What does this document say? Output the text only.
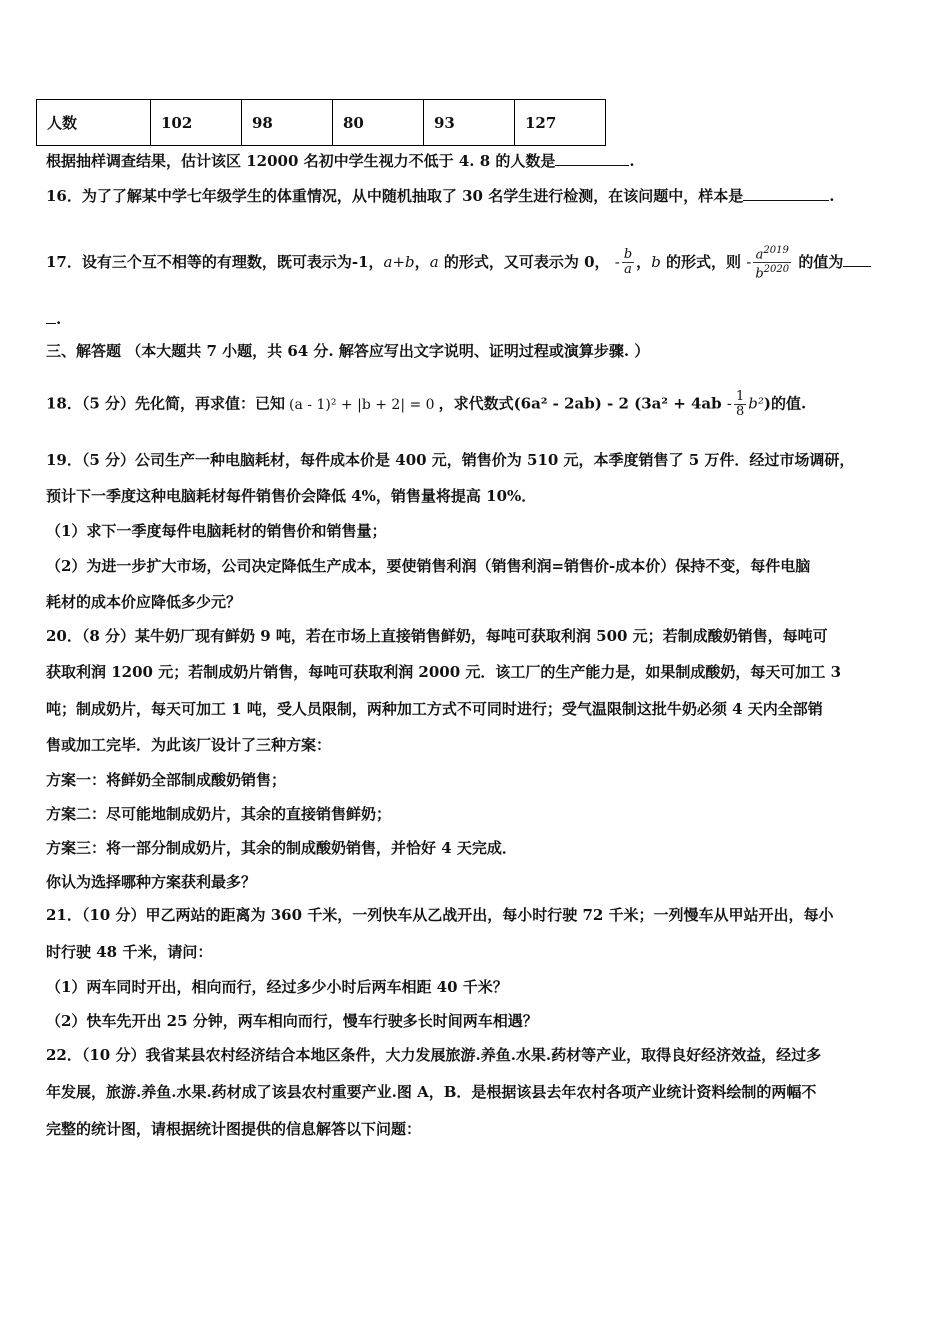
人数	102	98	80	93	127
根据抽样调查结果，估计该区 12000 名初中学生视力不低于 4. 8 的人数是	.
16．为了了解某中学七年级学生的体重情况，从中随机抽取了 30 名学生进行检测，在该问题中，样本是	.
17．设有三个互不相等的有理数，既可表示为-1，a+b，a 的形式，又可表示为 0， - $\frac{b}{a}$ ，b 的形式，则 - $\frac{a^{2019}}{b^{2020}}$ 的值为
.
三、解答题 （本大题共 7 小题，共 64 分. 解答应写出文字说明、证明过程或演算步骤. ）
18．（5 分）先化简，再求值：已知 (a - 1)² + |b + 2| = 0 ，求代数式(6a² - 2ab) - 2 $(3a^2 + 4ab - \frac{1}{8} b^2)$的值.
19．（5 分）公司生产一种电脑耗材，每件成本价是 400 元，销售价为 510 元，本季度销售了 5 万件．经过市场调研，
预计下一季度这种电脑耗材每件销售价会降低 4%，销售量将提高 10%．
（1）求下一季度每件电脑耗材的销售价和销售量；
（2）为进一步扩大市场，公司决定降低生产成本，要使销售利润（销售利润=销售价-成本价）保持不变，每件电脑
耗材的成本价应降低多少元？
20．（8 分）某牛奶厂现有鲜奶 9 吨，若在市场上直接销售鲜奶，每吨可获取利润 500 元；若制成酸奶销售，每吨可
获取利润 1200 元；若制成奶片销售，每吨可获取利润 2000 元．该工厂的生产能力是，如果制成酸奶，每天可加工 3
吨；制成奶片，每天可加工 1 吨，受人员限制，两种加工方式不可同时进行；受气温限制这批牛奶必须 4 天内全部销
售或加工完毕．为此该厂设计了三种方案：
方案一：将鲜奶全部制成酸奶销售；
方案二：尽可能地制成奶片，其余的直接销售鲜奶；
方案三：将一部分制成奶片，其余的制成酸奶销售，并恰好 4 天完成．
你认为选择哪种方案获利最多？
21．（10 分）甲乙两站的距离为 360 千米，一列快车从乙战开出，每小时行驶 72 千米；一列慢车从甲站开出，每小
时行驶 48 千米，请问：
（1）两车同时开出，相向而行，经过多少小时后两车相距 40 千米？
（2）快车先开出 25 分钟，两车相向而行，慢车行驶多长时间两车相遇？
22．（10 分）我省某县农村经济结合本地区条件，大力发展旅游.养鱼.水果.药材等产业，取得良好经济效益，经过多
年发展，旅游.养鱼.水果.药材成了该县农村重要产业.图 A，B．是根据该县去年农村各项产业统计资料绘制的两幅不
完整的统计图，请根据统计图提供的信息解答以下问题：
